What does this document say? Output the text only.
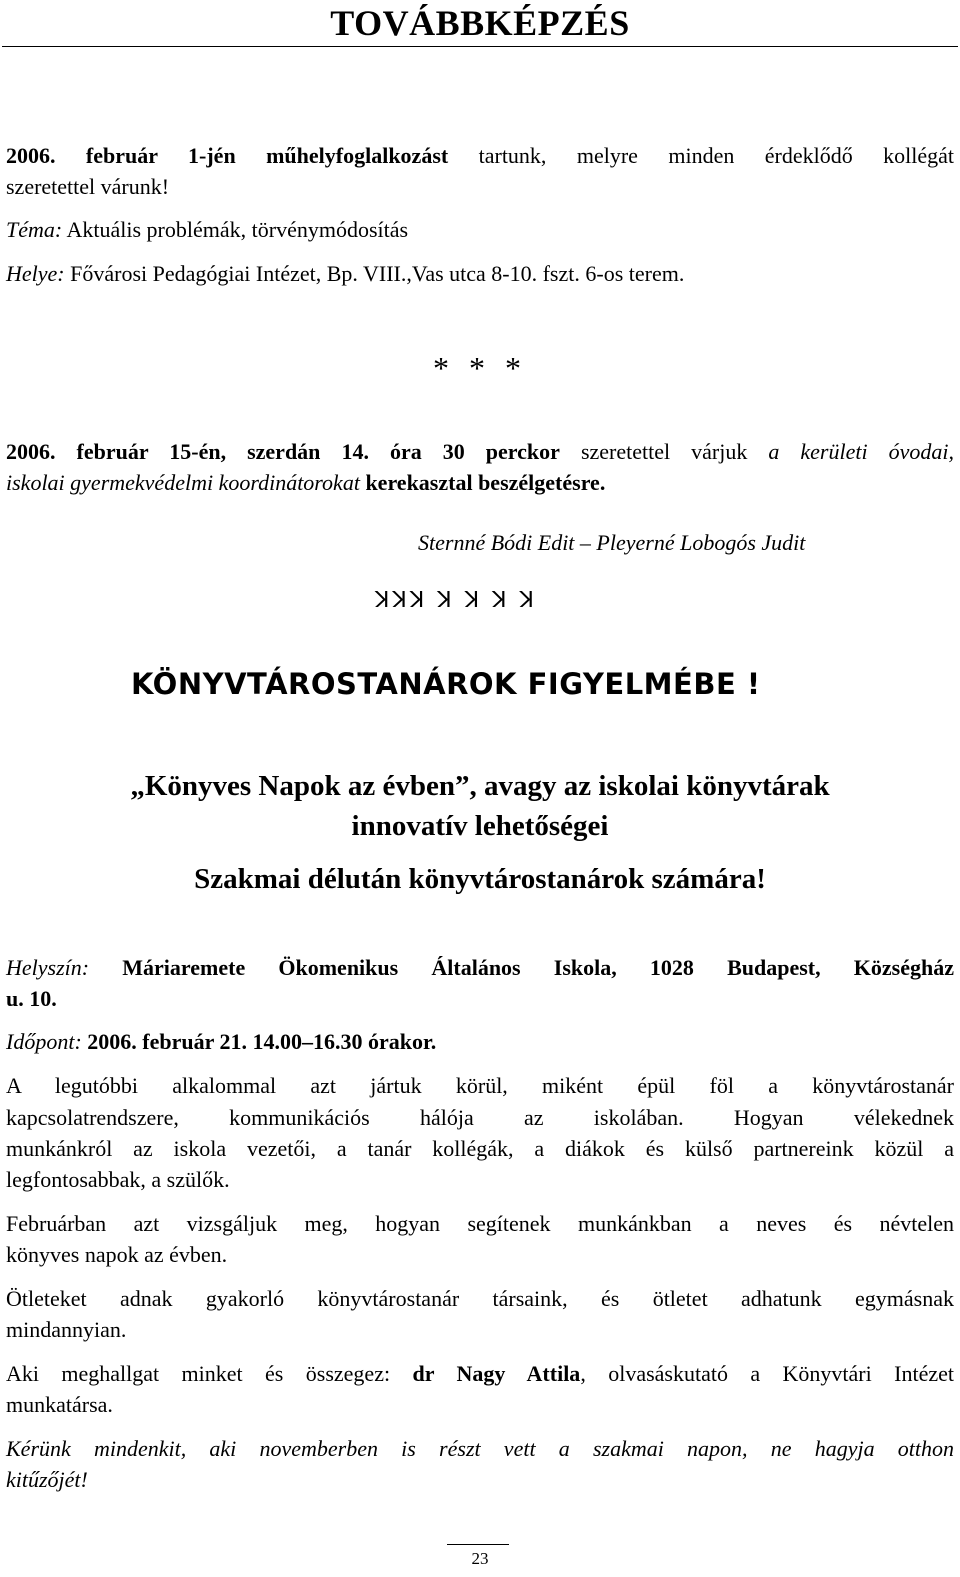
TOVÁBBKÉPZÉS
2006. február 1-jén műhelyfoglalkozást tartunk, melyre minden érdeklődő kollégát
szeretettel várunk!
Téma: Aktuális problémák, törvénymódosítás
Helye: Fővárosi Pedagógiai Intézet, Bp. VIII.,Vas utca 8-10. fszt. 6-os terem.
* * *
2006. február 15-én, szerdán 14. óra 30 perckor szeretettel várjuk a kerületi óvodai,
iskolai gyermekvédelmi koordinátorokat kerekasztal beszélgetésre.
Sternné Bódi Edit – Pleyerné Lobogós Judit
ꓘꓘꓘ ꓘ ꓘ ꓘ ꓘ
KÖNYVTÁROSTANÁROK FIGYELMÉBE !
„Könyves Napok az évben”, avagy az iskolai könyvtárak
innovatív lehetőségei
Szakmai délután könyvtárostanárok számára!
Helyszín: Máriaremete Ökomenikus Általános Iskola, 1028 Budapest, Községház
u. 10.
Időpont: 2006. február 21. 14.00–16.30 órakor.
A legutóbbi alkalommal azt jártuk körül, miként épül föl a könyvtárostanár
kapcsolatrendszere, kommunikációs hálója az iskolában. Hogyan vélekednek
munkánkról az iskola vezetői, a tanár kollégák, a diákok és külső partnereink közül a
legfontosabbak, a szülők.
Februárban azt vizsgáljuk meg, hogyan segítenek munkánkban a neves és névtelen
könyves napok az évben.
Ötleteket adnak gyakorló könyvtárostanár társaink, és ötletet adhatunk egymásnak
mindannyian.
Aki meghallgat minket és összegez: dr Nagy Attila, olvasáskutató a Könyvtári Intézet
munkatársa.
Kérünk mindenkit, aki novemberben is részt vett a szakmai napon, ne hagyja otthon
kitűzőjét!
23
